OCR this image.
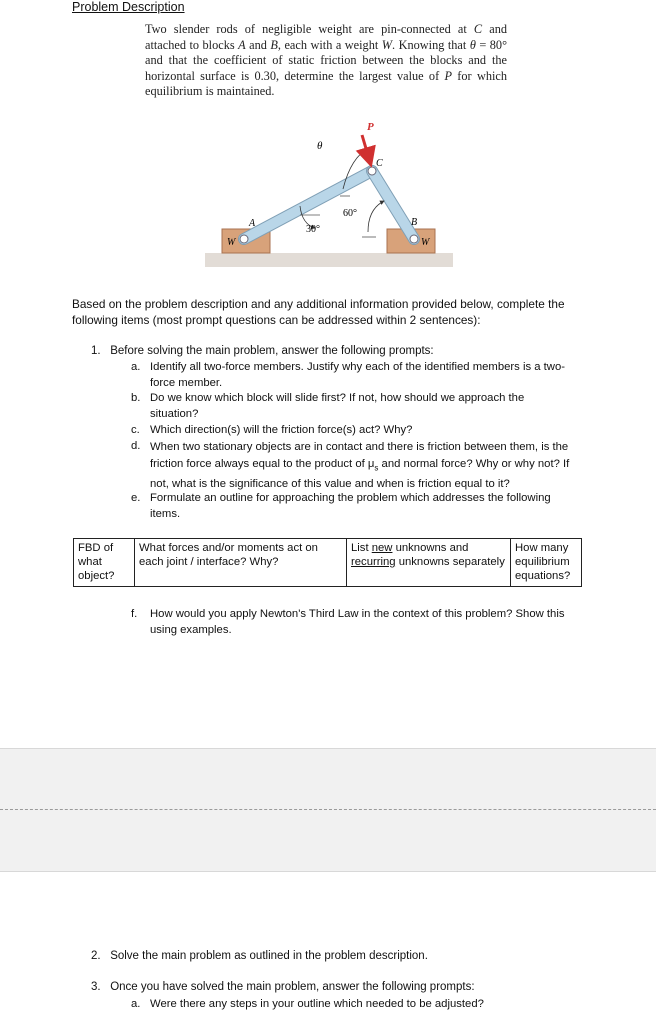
Problem Description
Two slender rods of negligible weight are pin-connected at C and attached to blocks A and B, each with a weight W. Knowing that θ = 80° and that the coefficient of static friction between the blocks and the horizontal surface is 0.30, determine the largest value of P for which equilibrium is maintained.
P
θ
C
A	B
30°
60°
W	W
Based on the problem description and any additional information provided below, complete the following items (most prompt questions can be addressed within 2 sentences):
1. Before solving the main problem, answer the following prompts:
a. Identify all two-force members. Justify why each of the identified members is a two-force member.
b. Do we know which block will slide first? If not, how should we approach the situation?
c. Which direction(s) will the friction force(s) act? Why?
d. When two stationary objects are in contact and there is friction between them, is the friction force always equal to the product of $\mu_s$ and normal force? Why or why not? If not, what is the significance of this value and when is friction equal to it?
e. Formulate an outline for approaching the problem which addresses the following items.
FBD of what object?	What forces and/or moments act on each joint / interface? Why?	List new unknowns and recurring unknowns separately	How many equilibrium equations?
f. How would you apply Newton's Third Law in the context of this problem? Show this using examples.
2. Solve the main problem as outlined in the problem description.
3. Once you have solved the main problem, answer the following prompts:
a. Were there any steps in your outline which needed to be adjusted?
